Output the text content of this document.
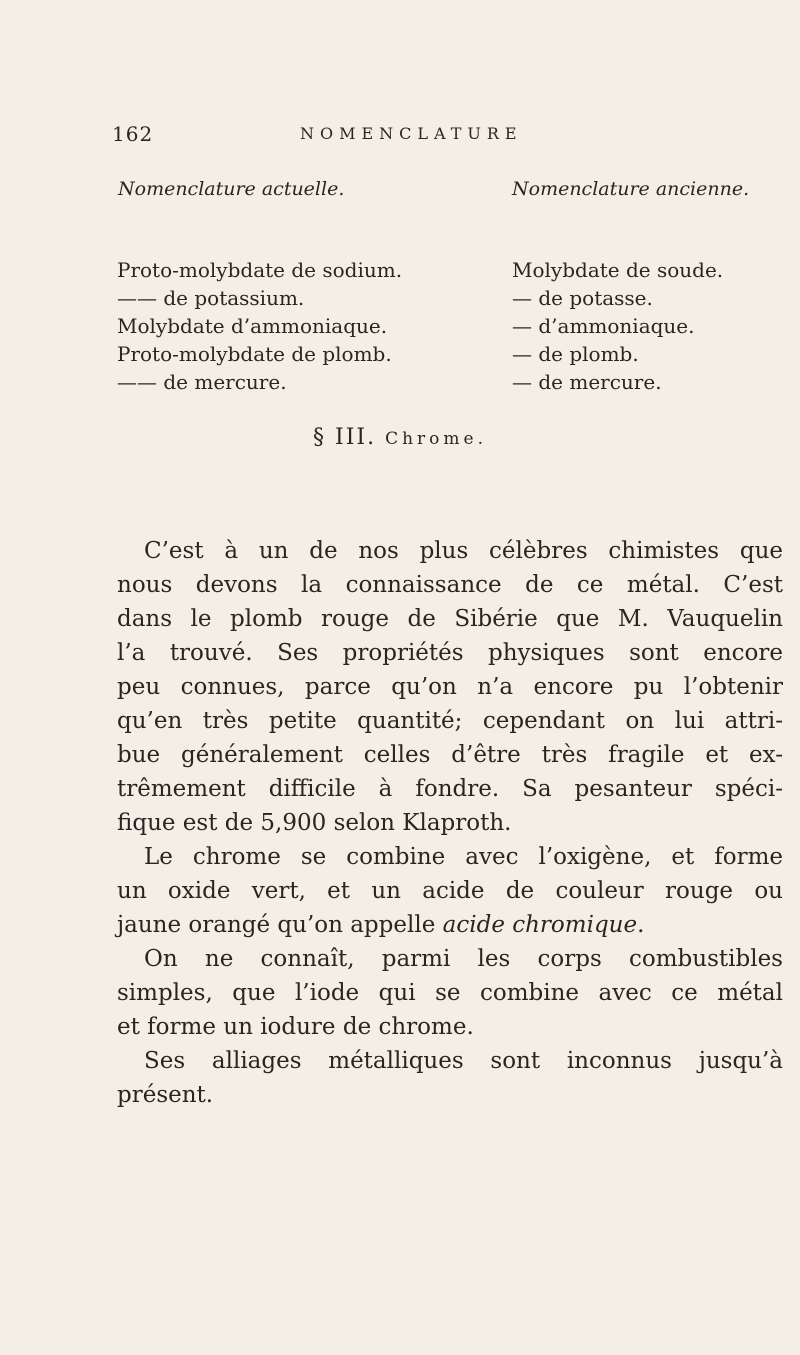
162	NOMENCLATURE
Nomenclature actuelle.	Nomenclature ancienne.
Proto-molybdate de sodium.	Molybdate de soude.
—— de potassium.	— de potasse.
Molybdate d’ammoniaque.	— d’ammoniaque.
Proto-molybdate de plomb.	— de plomb.
—— de mercure.	— de mercure.
§ III. Chrome.
C’est à un de nos plus célèbres chimistes que
nous devons la connaissance de ce métal. C’est
dans le plomb rouge de Sibérie que M. Vauquelin
l’a trouvé. Ses propriétés physiques sont encore
peu connues, parce qu’on n’a encore pu l’obtenir
qu’en très petite quantité; cependant on lui attri-
bue généralement celles d’être très fragile et ex-
trêmement difficile à fondre. Sa pesanteur spéci-
fique est de 5,900 selon Klaproth.
Le chrome se combine avec l’oxigène, et forme
un oxide vert, et un acide de couleur rouge ou
jaune orangé qu’on appelle acide chromique.
On ne connaît, parmi les corps combustibles
simples, que l’iode qui se combine avec ce métal
et forme un iodure de chrome.
Ses alliages métalliques sont inconnus jusqu’à
présent.
